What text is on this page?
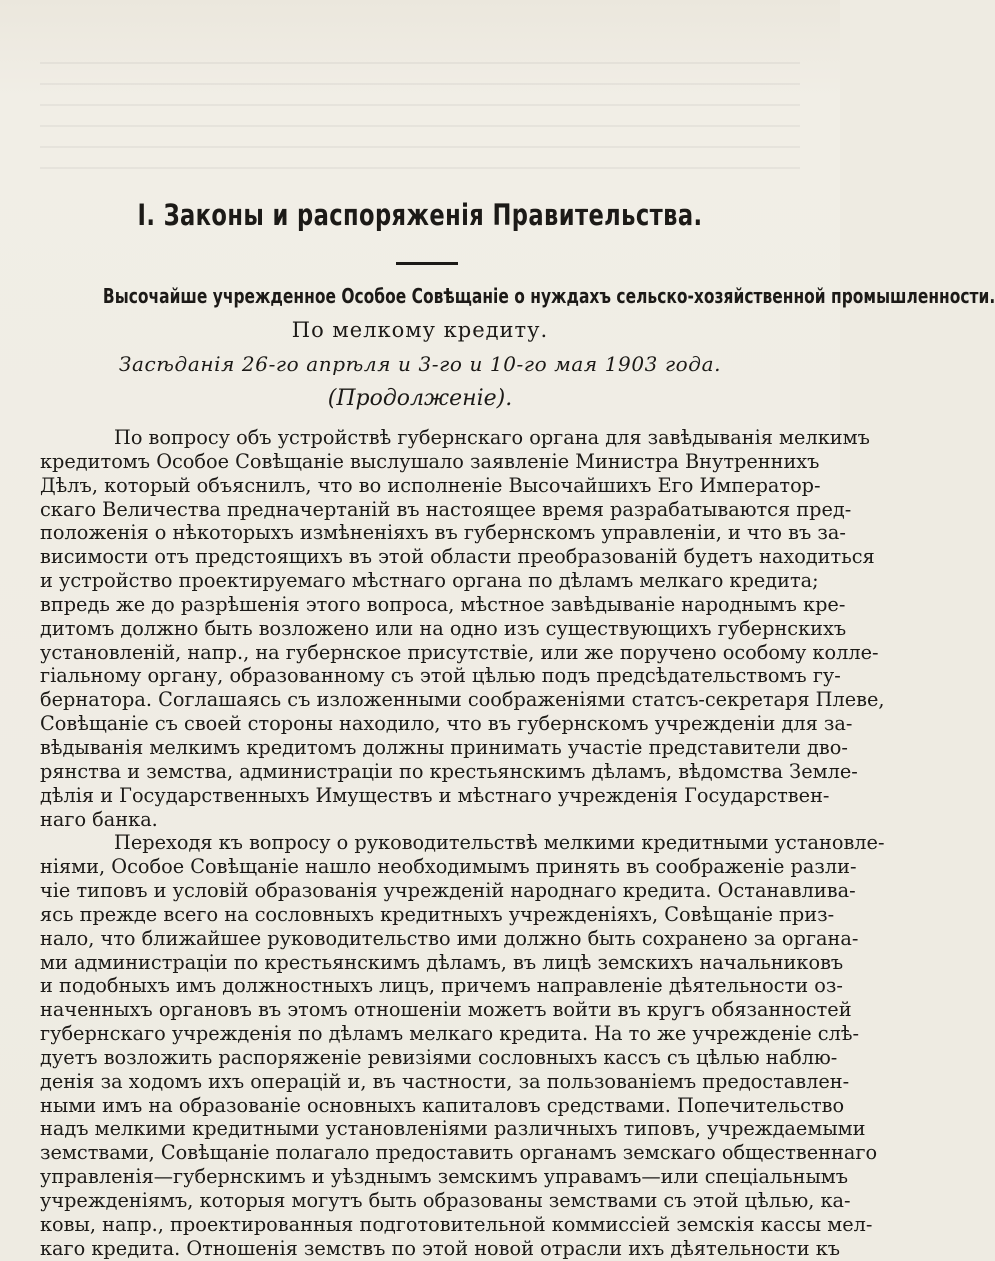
I. Законы и распоряженія Правительства.
Высочайше учрежденное Особое Совѣщаніе о нуждахъ сельско-хозяйственной промышленности.
По мелкому кредиту.
Засѣданія 26-го апрѣля и 3-го и 10-го мая 1903 года.
(Продолженіе).
По вопросу объ устройствѣ губернскаго органа для завѣдыванія мелкимъ
кредитомъ Особое Совѣщаніе выслушало заявленіе Министра Внутреннихъ
Дѣлъ, который объяснилъ, что во исполненіе Высочайшихъ Его Император-
скаго Величества предначертаній въ настоящее время разрабатываются пред-
положенія о нѣкоторыхъ измѣненіяхъ въ губернскомъ управленіи, и что въ за-
висимости отъ предстоящихъ въ этой области преобразованій будетъ находиться
и устройство проектируемаго мѣстнаго органа по дѣламъ мелкаго кредита;
впредь же до разрѣшенія этого вопроса, мѣстное завѣдываніе народнымъ кре-
дитомъ должно быть возложено или на одно изъ существующихъ губернскихъ
установленій, напр., на губернское присутствіе, или же поручено особому колле-
гіальному органу, образованному съ этой цѣлью подъ предсѣдательствомъ гу-
бернатора. Соглашаясь съ изложенными соображеніями статсъ-секретаря Плеве,
Совѣщаніе съ своей стороны находило, что въ губернскомъ учрежденіи для за-
вѣдыванія мелкимъ кредитомъ должны принимать участіе представители дво-
рянства и земства, администраціи по крестьянскимъ дѣламъ, вѣдомства Земле-
дѣлія и Государственныхъ Имуществъ и мѣстнаго учрежденія Государствен-
наго банка.
Переходя къ вопросу о руководительствѣ мелкими кредитными установле-
ніями, Особое Совѣщаніе нашло необходимымъ принять въ соображеніе разли-
чіе типовъ и условій образованія учрежденій народнаго кредита. Останавлива-
ясь прежде всего на сословныхъ кредитныхъ учрежденіяхъ, Совѣщаніе приз-
нало, что ближайшее руководительство ими должно быть сохранено за органа-
ми администраціи по крестьянскимъ дѣламъ, въ лицѣ земскихъ начальниковъ
и подобныхъ имъ должностныхъ лицъ, причемъ направленіе дѣятельности оз-
наченныхъ органовъ въ этомъ отношеніи можетъ войти въ кругъ обязанностей
губернскаго учрежденія по дѣламъ мелкаго кредита. На то же учрежденіе слѣ-
дуетъ возложить распоряженіе ревизіями сословныхъ кассъ съ цѣлью наблю-
денія за ходомъ ихъ операцій и, въ частности, за пользованіемъ предоставлен-
ными имъ на образованіе основныхъ капиталовъ средствами. Попечительство
надъ мелкими кредитными установленіями различныхъ типовъ, учреждаемыми
земствами, Совѣщаніе полагало предоставить органамъ земскаго общественнаго
управленія—губернскимъ и уѣзднымъ земскимъ управамъ—или спеціальнымъ
учрежденіямъ, которыя могутъ быть образованы земствами съ этой цѣлью, ка-
ковы, напр., проектированныя подготовительной коммиссіей земскія кассы мел-
каго кредита. Отношенія земствъ по этой новой отрасли ихъ дѣятельности къ
